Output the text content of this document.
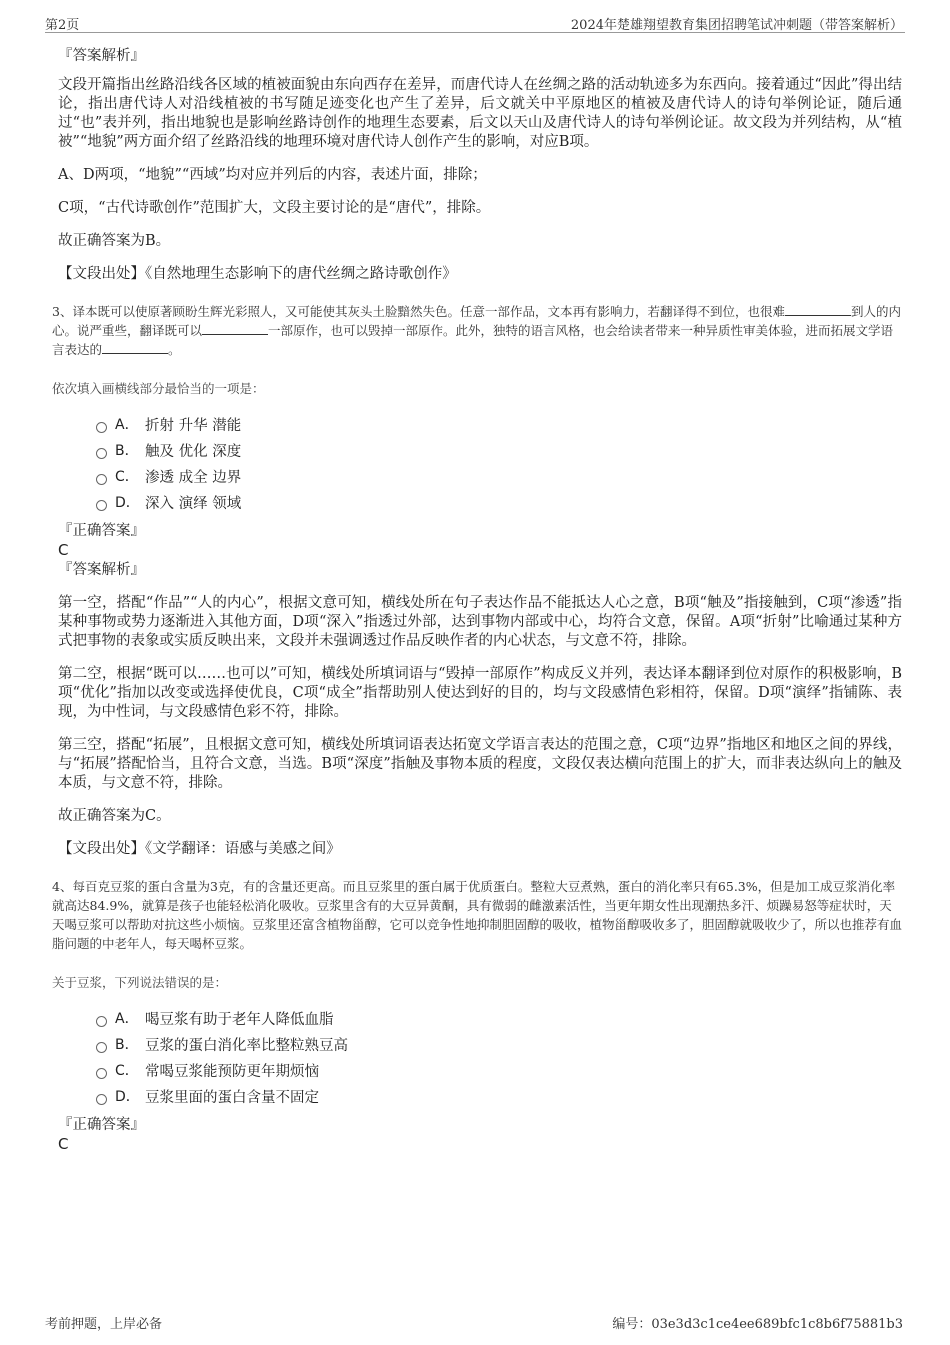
第2页	2024年楚雄翔望教育集团招聘笔试冲刺题（带答案解析）
『答案解析』
文段开篇指出丝路沿线各区域的植被面貌由东向西存在差异，而唐代诗人在丝绸之路的活动轨迹多为东西向。接着通过“因此”得出结论，指出唐代诗人对沿线植被的书写随足迹变化也产生了差异，后文就关中平原地区的植被及唐代诗人的诗句举例论证，随后通过“也”表并列，指出地貌也是影响丝路诗创作的地理生态要素，后文以天山及唐代诗人的诗句举例论证。故文段为并列结构，从“植被”“地貌”两方面介绍了丝路沿线的地理环境对唐代诗人创作产生的影响，对应B项。
A、D两项，“地貌”“西域”均对应并列后的内容，表述片面，排除；
C项，“古代诗歌创作”范围扩大，文段主要讨论的是“唐代”，排除。
故正确答案为B。
【文段出处】《自然地理生态影响下的唐代丝绸之路诗歌创作》
3、译本既可以使原著顾盼生辉光彩照人，又可能使其灰头土脸黯然失色。任意一部作品，文本再有影响力，若翻译得不到位，也很难	到人的内心。说严重些，翻译既可以	一部原作，也可以毁掉一部原作。此外，独特的语言风格，也会给读者带来一种异质性审美体验，进而拓展文学语言表达的	。
依次填入画横线部分最恰当的一项是：
A． 折射 升华 潜能
B． 触及 优化 深度
C． 渗透 成全 边界
D． 深入 演绎 领域
『正确答案』
C
『答案解析』
第一空，搭配“作品”“人的内心”，根据文意可知，横线处所在句子表达作品不能抵达人心之意，B项“触及”指接触到，C项“渗透”指某种事物或势力逐渐进入其他方面，D项“深入”指透过外部，达到事物内部或中心，均符合文意，保留。A项“折射”比喻通过某种方式把事物的表象或实质反映出来，文段并未强调透过作品反映作者的内心状态，与文意不符，排除。
第二空，根据“既可以……也可以”可知，横线处所填词语与“毁掉一部原作”构成反义并列，表达译本翻译到位对原作的积极影响，B项“优化”指加以改变或选择使优良，C项“成全”指帮助别人使达到好的目的，均与文段感情色彩相符，保留。D项“演绎”指铺陈、表现，为中性词，与文段感情色彩不符，排除。
第三空，搭配“拓展”，且根据文意可知，横线处所填词语表达拓宽文学语言表达的范围之意，C项“边界”指地区和地区之间的界线，与“拓展”搭配恰当，且符合文意，当选。B项“深度”指触及事物本质的程度，文段仅表达横向范围上的扩大，而非表达纵向上的触及本质，与文意不符，排除。
故正确答案为C。
【文段出处】《文学翻译：语感与美感之间》
4、每百克豆浆的蛋白含量为3克，有的含量还更高。而且豆浆里的蛋白属于优质蛋白。整粒大豆煮熟，蛋白的消化率只有65.3%，但是加工成豆浆消化率就高达84.9%，就算是孩子也能轻松消化吸收。豆浆里含有的大豆异黄酮，具有微弱的雌激素活性，当更年期女性出现潮热多汗、烦躁易怒等症状时，天天喝豆浆可以帮助对抗这些小烦恼。豆浆里还富含植物甾醇，它可以竞争性地抑制胆固醇的吸收，植物甾醇吸收多了，胆固醇就吸收少了，所以也推荐有血脂问题的中老年人，每天喝杯豆浆。
关于豆浆，下列说法错误的是：
A． 喝豆浆有助于老年人降低血脂
B． 豆浆的蛋白消化率比整粒熟豆高
C． 常喝豆浆能预防更年期烦恼
D． 豆浆里面的蛋白含量不固定
『正确答案』
C
考前押题，上岸必备	编号：03e3d3c1ce4ee689bfc1c8b6f75881b3
